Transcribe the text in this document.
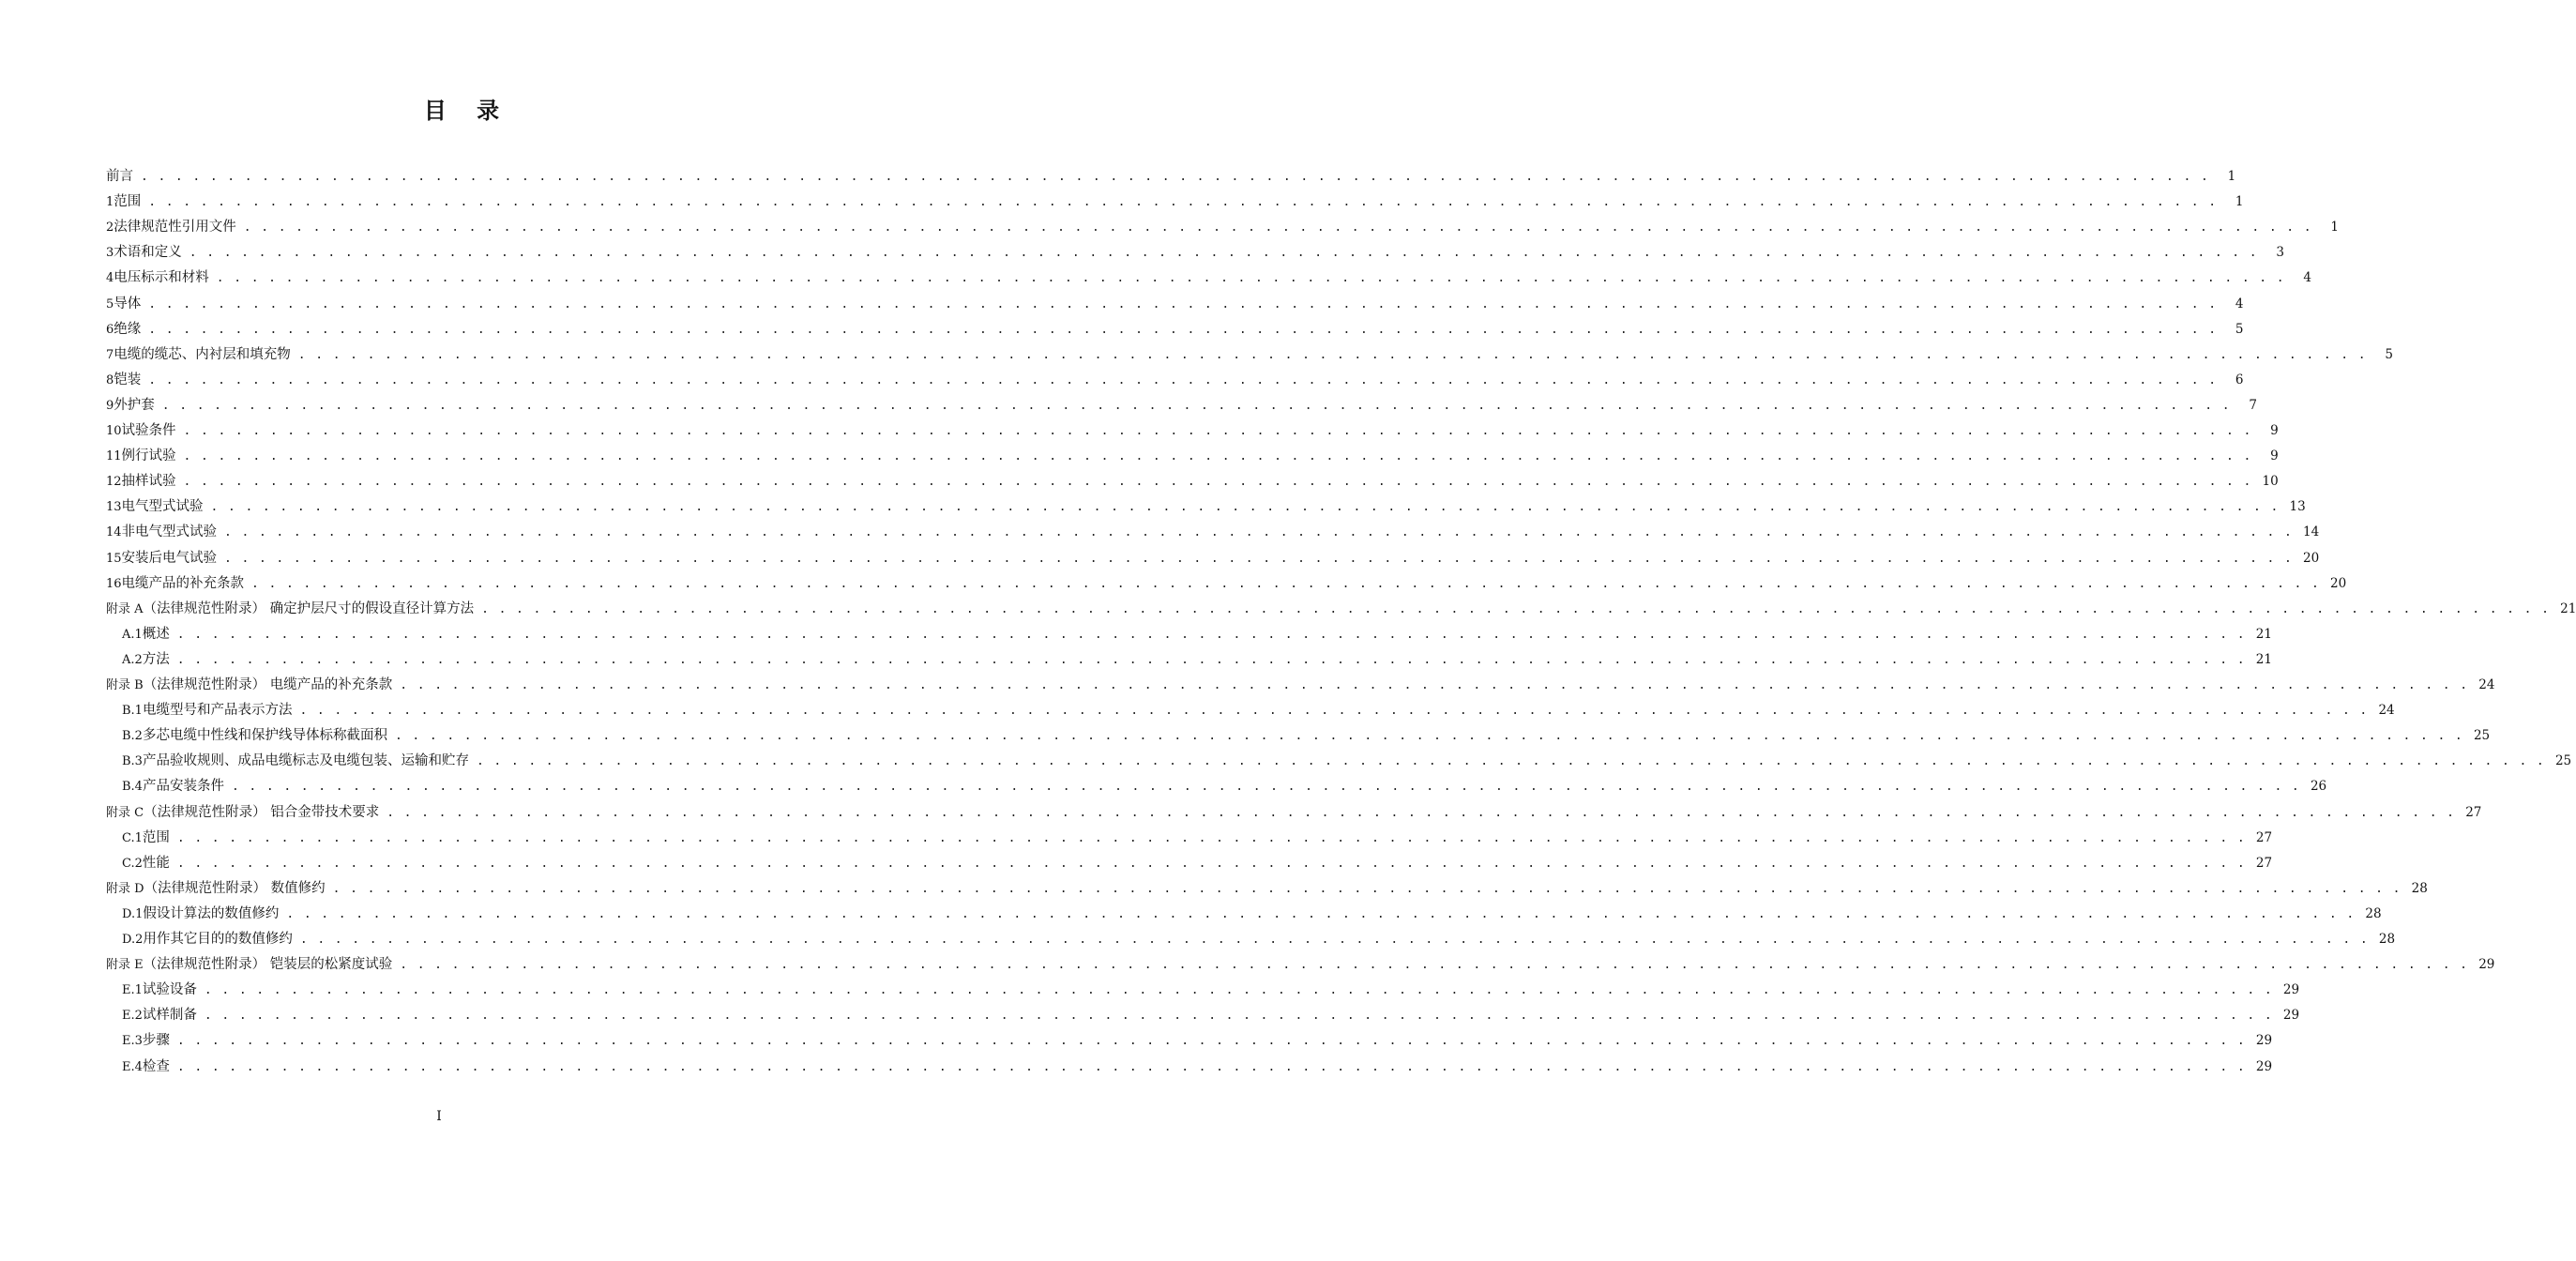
目 录
前言 . . . . . . . . . . . . . . . . . . . . . . . . . . . . . . . . . . . . . . . . . . . . . . . . . . . . . . . . . . . . . . . . . . . . . . . . . . . . . . . . . . . . . . . . . . . . . . . . . . . . . . . . . . . . . . . . . . . . . . . .	1
1 范围 . . . . . . . . . . . . . . . . . . . . . . . . . . . . . . . . . . . . . . . . . . . . . . . . . . . . . . . . . . . . . . . . . . . . . . . . . . . . . . . . . . . . . . . . . . . . . . . . . . . . . . . . . . . . . . . . . . . . . . . .	1
2 法律规范性引用文件 . . . . . . . . . . . . . . . . . . . . . . . . . . . . . . . . . . . . . . . . . . . . . . . . . . . . . . . . . . . . . . . . . . . . . . . . . . . . . . . . . . . . . . . . . . . . . . . . . . . . . . . . . . . . . . . . . . . . . . . .	1
3 术语和定义 . . . . . . . . . . . . . . . . . . . . . . . . . . . . . . . . . . . . . . . . . . . . . . . . . . . . . . . . . . . . . . . . . . . . . . . . . . . . . . . . . . . . . . . . . . . . . . . . . . . . . . . . . . . . . . . . . . . . . . . .	3
4 电压标示和材料 . . . . . . . . . . . . . . . . . . . . . . . . . . . . . . . . . . . . . . . . . . . . . . . . . . . . . . . . . . . . . . . . . . . . . . . . . . . . . . . . . . . . . . . . . . . . . . . . . . . . . . . . . . . . . . . . . . . . . . . .	4
5 导体 . . . . . . . . . . . . . . . . . . . . . . . . . . . . . . . . . . . . . . . . . . . . . . . . . . . . . . . . . . . . . . . . . . . . . . . . . . . . . . . . . . . . . . . . . . . . . . . . . . . . . . . . . . . . . . . . . . . . . . . .	4
6 绝缘 . . . . . . . . . . . . . . . . . . . . . . . . . . . . . . . . . . . . . . . . . . . . . . . . . . . . . . . . . . . . . . . . . . . . . . . . . . . . . . . . . . . . . . . . . . . . . . . . . . . . . . . . . . . . . . . . . . . . . . . .	5
7 电缆的缆芯、内衬层和填充物 . . . . . . . . . . . . . . . . . . . . . . . . . . . . . . . . . . . . . . . . . . . . . . . . . . . . . . . . . . . . . . . . . . . . . . . . . . . . . . . . . . . . . . . . . . . . . . . . . . . . . . . . . . . . . . . . . . . . . . . .	5
8 铠装 . . . . . . . . . . . . . . . . . . . . . . . . . . . . . . . . . . . . . . . . . . . . . . . . . . . . . . . . . . . . . . . . . . . . . . . . . . . . . . . . . . . . . . . . . . . . . . . . . . . . . . . . . . . . . . . . . . . . . . . .	6
9 外护套 . . . . . . . . . . . . . . . . . . . . . . . . . . . . . . . . . . . . . . . . . . . . . . . . . . . . . . . . . . . . . . . . . . . . . . . . . . . . . . . . . . . . . . . . . . . . . . . . . . . . . . . . . . . . . . . . . . . . . . . .	7
10 试验条件 . . . . . . . . . . . . . . . . . . . . . . . . . . . . . . . . . . . . . . . . . . . . . . . . . . . . . . . . . . . . . . . . . . . . . . . . . . . . . . . . . . . . . . . . . . . . . . . . . . . . . . . . . . . . . . . . . . . . . . . .	9
11 例行试验 . . . . . . . . . . . . . . . . . . . . . . . . . . . . . . . . . . . . . . . . . . . . . . . . . . . . . . . . . . . . . . . . . . . . . . . . . . . . . . . . . . . . . . . . . . . . . . . . . . . . . . . . . . . . . . . . . . . . . . . .	9
12 抽样试验 . . . . . . . . . . . . . . . . . . . . . . . . . . . . . . . . . . . . . . . . . . . . . . . . . . . . . . . . . . . . . . . . . . . . . . . . . . . . . . . . . . . . . . . . . . . . . . . . . . . . . . . . . . . . . . . . . . . . . . . . 10
13 电气型式试验 . . . . . . . . . . . . . . . . . . . . . . . . . . . . . . . . . . . . . . . . . . . . . . . . . . . . . . . . . . . . . . . . . . . . . . . . . . . . . . . . . . . . . . . . . . . . . . . . . . . . . . . . . . . . . . . . . . . . . . . . 13
14 非电气型式试验 . . . . . . . . . . . . . . . . . . . . . . . . . . . . . . . . . . . . . . . . . . . . . . . . . . . . . . . . . . . . . . . . . . . . . . . . . . . . . . . . . . . . . . . . . . . . . . . . . . . . . . . . . . . . . . . . . . . . . . . . 14
15 安装后电气试验 . . . . . . . . . . . . . . . . . . . . . . . . . . . . . . . . . . . . . . . . . . . . . . . . . . . . . . . . . . . . . . . . . . . . . . . . . . . . . . . . . . . . . . . . . . . . . . . . . . . . . . . . . . . . . . . . . . . . . . . . 20
16 电缆产品的补充条款 . . . . . . . . . . . . . . . . . . . . . . . . . . . . . . . . . . . . . . . . . . . . . . . . . . . . . . . . . . . . . . . . . . . . . . . . . . . . . . . . . . . . . . . . . . . . . . . . . . . . . . . . . . . . . . . . . . . . . . . . 20
附录 A （法律规范性附录） 确定护层尺寸的假设直径计算方法 . . . . . . . . . . . . . . . . . . . . . . . . . . . . . . . . . . . . . . . . . . . . . . . . . . . . . . . . . . . . . . . . . . . . . . . . . . . . . . . . . . . . . . . . . . . . . . . . . . . . . . . . . . . . . . . . . . . . . . . . 21
A.1 概述 . . . . . . . . . . . . . . . . . . . . . . . . . . . . . . . . . . . . . . . . . . . . . . . . . . . . . . . . . . . . . . . . . . . . . . . . . . . . . . . . . . . . . . . . . . . . . . . . . . . . . . . . . . . . . . . . . . . . . . . . 21
A.2 方法 . . . . . . . . . . . . . . . . . . . . . . . . . . . . . . . . . . . . . . . . . . . . . . . . . . . . . . . . . . . . . . . . . . . . . . . . . . . . . . . . . . . . . . . . . . . . . . . . . . . . . . . . . . . . . . . . . . . . . . . . 21
附录 B （法律规范性附录） 电缆产品的补充条款 . . . . . . . . . . . . . . . . . . . . . . . . . . . . . . . . . . . . . . . . . . . . . . . . . . . . . . . . . . . . . . . . . . . . . . . . . . . . . . . . . . . . . . . . . . . . . . . . . . . . . . . . . . . . . . . . . . . . . . . . 24
B.1 电缆型号和产品表示方法 . . . . . . . . . . . . . . . . . . . . . . . . . . . . . . . . . . . . . . . . . . . . . . . . . . . . . . . . . . . . . . . . . . . . . . . . . . . . . . . . . . . . . . . . . . . . . . . . . . . . . . . . . . . . . . . . . . . . . . . . 24
B.2 多芯电缆中性线和保护线导体标称截面积 . . . . . . . . . . . . . . . . . . . . . . . . . . . . . . . . . . . . . . . . . . . . . . . . . . . . . . . . . . . . . . . . . . . . . . . . . . . . . . . . . . . . . . . . . . . . . . . . . . . . . . . . . . . . . . . . . . . . . . . . 25
B.3 产品验收规则、成品电缆标志及电缆包装、运输和贮存 . . . . . . . . . . . . . . . . . . . . . . . . . . . . . . . . . . . . . . . . . . . . . . . . . . . . . . . . . . . . . . . . . . . . . . . . . . . . . . . . . . . . . . . . . . . . . . . . . . . . . . . . . . . . . . . . . . . . . . . . 25
B.4 产品安装条件 . . . . . . . . . . . . . . . . . . . . . . . . . . . . . . . . . . . . . . . . . . . . . . . . . . . . . . . . . . . . . . . . . . . . . . . . . . . . . . . . . . . . . . . . . . . . . . . . . . . . . . . . . . . . . . . . . . . . . . . . 26
附录 C （法律规范性附录） 铝合金带技术要求 . . . . . . . . . . . . . . . . . . . . . . . . . . . . . . . . . . . . . . . . . . . . . . . . . . . . . . . . . . . . . . . . . . . . . . . . . . . . . . . . . . . . . . . . . . . . . . . . . . . . . . . . . . . . . . . . . . . . . . . . 27
C.1 范围 . . . . . . . . . . . . . . . . . . . . . . . . . . . . . . . . . . . . . . . . . . . . . . . . . . . . . . . . . . . . . . . . . . . . . . . . . . . . . . . . . . . . . . . . . . . . . . . . . . . . . . . . . . . . . . . . . . . . . . . . 27
C.2 性能 . . . . . . . . . . . . . . . . . . . . . . . . . . . . . . . . . . . . . . . . . . . . . . . . . . . . . . . . . . . . . . . . . . . . . . . . . . . . . . . . . . . . . . . . . . . . . . . . . . . . . . . . . . . . . . . . . . . . . . . . 27
附录 D （法律规范性附录） 数值修约 . . . . . . . . . . . . . . . . . . . . . . . . . . . . . . . . . . . . . . . . . . . . . . . . . . . . . . . . . . . . . . . . . . . . . . . . . . . . . . . . . . . . . . . . . . . . . . . . . . . . . . . . . . . . . . . . . . . . . . . . 28
D.1 假设计算法的数值修约 . . . . . . . . . . . . . . . . . . . . . . . . . . . . . . . . . . . . . . . . . . . . . . . . . . . . . . . . . . . . . . . . . . . . . . . . . . . . . . . . . . . . . . . . . . . . . . . . . . . . . . . . . . . . . . . . . . . . . . . . 28
D.2 用作其它目的的数值修约 . . . . . . . . . . . . . . . . . . . . . . . . . . . . . . . . . . . . . . . . . . . . . . . . . . . . . . . . . . . . . . . . . . . . . . . . . . . . . . . . . . . . . . . . . . . . . . . . . . . . . . . . . . . . . . . . . . . . . . . . 28
附录 E （法律规范性附录） 铠装层的松紧度试验 . . . . . . . . . . . . . . . . . . . . . . . . . . . . . . . . . . . . . . . . . . . . . . . . . . . . . . . . . . . . . . . . . . . . . . . . . . . . . . . . . . . . . . . . . . . . . . . . . . . . . . . . . . . . . . . . . . . . . . . . 29
E.1 试验设备 . . . . . . . . . . . . . . . . . . . . . . . . . . . . . . . . . . . . . . . . . . . . . . . . . . . . . . . . . . . . . . . . . . . . . . . . . . . . . . . . . . . . . . . . . . . . . . . . . . . . . . . . . . . . . . . . . . . . . . . . 29
E.2 试样制备 . . . . . . . . . . . . . . . . . . . . . . . . . . . . . . . . . . . . . . . . . . . . . . . . . . . . . . . . . . . . . . . . . . . . . . . . . . . . . . . . . . . . . . . . . . . . . . . . . . . . . . . . . . . . . . . . . . . . . . . . 29
E.3 步骤 . . . . . . . . . . . . . . . . . . . . . . . . . . . . . . . . . . . . . . . . . . . . . . . . . . . . . . . . . . . . . . . . . . . . . . . . . . . . . . . . . . . . . . . . . . . . . . . . . . . . . . . . . . . . . . . . . . . . . . . . 29
E.4 检查 . . . . . . . . . . . . . . . . . . . . . . . . . . . . . . . . . . . . . . . . . . . . . . . . . . . . . . . . . . . . . . . . . . . . . . . . . . . . . . . . . . . . . . . . . . . . . . . . . . . . . . . . . . . . . . . . . . . . . . . . 29
I
